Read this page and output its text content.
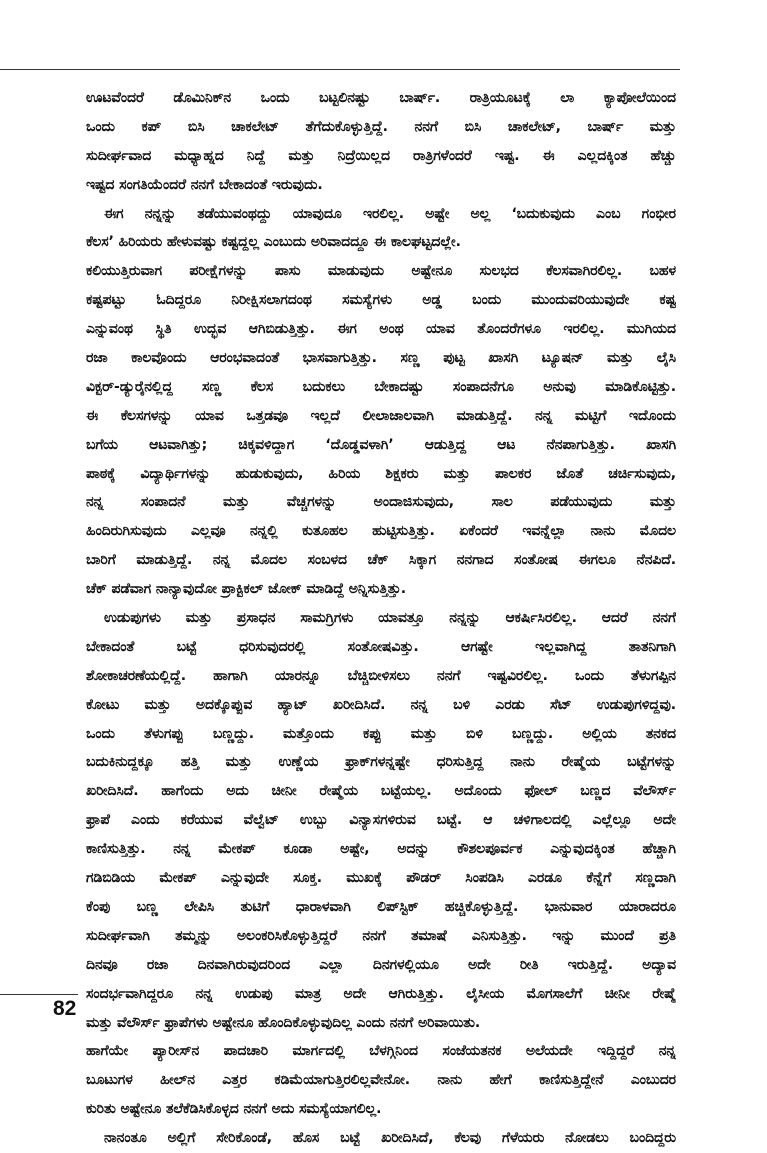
ಊಟವೆಂದರೆ ಡೊಮಿನಿಕ್‌ನ ಒಂದು ಬಟ್ಟಲಿನಷ್ಟು ಬಾರ್ಷ್. ರಾತ್ರಿಯೂಟಕ್ಕೆ ಲಾ ಕ್ಯಾಪೋಲೆಯಿಂದ
ಒಂದು ಕಪ್ ಬಿಸಿ ಚಾಕಲೇಟ್ ತೆಗೆದುಕೊಳ್ಳುತ್ತಿದ್ದೆ. ನನಗೆ ಬಿಸಿ ಚಾಕಲೇಟ್, ಬಾರ್ಷ್ ಮತ್ತು
ಸುದೀರ್ಘವಾದ ಮಧ್ಯಾಹ್ನದ ನಿದ್ದೆ ಮತ್ತು ನಿದ್ರೆಯಿಲ್ಲದ ರಾತ್ರಿಗಳೆಂದರೆ ಇಷ್ಟ. ಈ ಎಲ್ಲದಕ್ಕಿಂತ ಹೆಚ್ಚು
ಇಷ್ಟದ ಸಂಗತಿಯೆಂದರೆ ನನಗೆ ಬೇಕಾದಂತೆ ಇರುವುದು.
ಈಗ ನನ್ನನ್ನು ತಡೆಯುವಂಥದ್ದು ಯಾವುದೂ ಇರಲಿಲ್ಲ. ಅಷ್ಟೇ ಅಲ್ಲ ‘ಬದುಕುವುದು ಎಂಬ ಗಂಭೀರ
ಕೆಲಸ’ ಹಿರಿಯರು ಹೇಳುವಷ್ಟು ಕಷ್ಟದ್ದಲ್ಲ ಎಂಬುದು ಅರಿವಾದದ್ದೂ ಈ ಕಾಲಘಟ್ಟದಲ್ಲೇ.
ಕಲಿಯುತ್ತಿರುವಾಗ ಪರೀಕ್ಷೆಗಳನ್ನು ಪಾಸು ಮಾಡುವುದು ಅಷ್ಟೇನೂ ಸುಲಭದ ಕೆಲಸವಾಗಿರಲಿಲ್ಲ. ಬಹಳ
ಕಷ್ಟಪಟ್ಟು ಓದಿದ್ದರೂ ನಿರೀಕ್ಷಿಸಲಾಗದಂಥ ಸಮಸ್ಯೆಗಳು ಅಡ್ಡ ಬಂದು ಮುಂದುವರಿಯುವುದೇ ಕಷ್ಟ
ಎನ್ನುವಂಥ ಸ್ಥಿತಿ ಉದ್ಭವ ಆಗಿಬಿಡುತ್ತಿತ್ತು. ಈಗ ಅಂಥ ಯಾವ ತೊಂದರೆಗಳೂ ಇರಲಿಲ್ಲ. ಮುಗಿಯದ
ರಜಾ ಕಾಲವೊಂದು ಆರಂಭವಾದಂತೆ ಭಾಸವಾಗುತ್ತಿತ್ತು. ಸಣ್ಣ ಪುಟ್ಟ ಖಾಸಗಿ ಟ್ಯೂಷನ್ ಮತ್ತು ಲೈಸಿ
ವಿಕ್ಟರ್-ಡ್ಯುರೈನಲ್ಲಿದ್ದ ಸಣ್ಣ ಕೆಲಸ ಬದುಕಲು ಬೇಕಾದಷ್ಟು ಸಂಪಾದನೆಗೂ ಅನುವು ಮಾಡಿಕೊಟ್ಟಿತ್ತು.
ಈ ಕೆಲಸಗಳನ್ನು ಯಾವ ಒತ್ತಡವೂ ಇಲ್ಲದೆ ಲೀಲಾಜಾಲವಾಗಿ ಮಾಡುತ್ತಿದ್ದೆ. ನನ್ನ ಮಟ್ಟಿಗೆ ಇದೊಂದು
ಬಗೆಯ ಆಟವಾಗಿತ್ತು; ಚಿಕ್ಕವಳಿದ್ದಾಗ ‘ದೊಡ್ಡವಳಾಗಿ’ ಆಡುತ್ತಿದ್ದ ಆಟ ನೆನಪಾಗುತ್ತಿತ್ತು. ಖಾಸಗಿ
ಪಾಠಕ್ಕೆ ವಿದ್ಯಾರ್ಥಿಗಳನ್ನು ಹುಡುಕುವುದು, ಹಿರಿಯ ಶಿಕ್ಷಕರು ಮತ್ತು ಪಾಲಕರ ಜೊತೆ ಚರ್ಚಿಸುವುದು,
ನನ್ನ ಸಂಪಾದನೆ ಮತ್ತು ವೆಚ್ಚಗಳನ್ನು ಅಂದಾಜಿಸುವುದು, ಸಾಲ ಪಡೆಯುವುದು ಮತ್ತು
ಹಿಂದಿರುಗಿಸುವುದು ಎಲ್ಲವೂ ನನ್ನಲ್ಲಿ ಕುತೂಹಲ ಹುಟ್ಟಿಸುತ್ತಿತ್ತು. ಏಕೆಂದರೆ ಇವನ್ನೆಲ್ಲಾ ನಾನು ಮೊದಲ
ಬಾರಿಗೆ ಮಾಡುತ್ತಿದ್ದೆ. ನನ್ನ ಮೊದಲ ಸಂಬಳದ ಚೆಕ್ ಸಿಕ್ಕಾಗ ನನಗಾದ ಸಂತೋಷ ಈಗಲೂ ನೆನಪಿದೆ.
ಚೆಕ್ ಪಡೆವಾಗ ನಾನ್ಯಾವುದೋ ಪ್ರಾಕ್ಟಿಕಲ್ ಜೋಕ್ ಮಾಡಿದ್ದೆ ಅನ್ನಿಸುತ್ತಿತ್ತು.
ಉಡುಪುಗಳು ಮತ್ತು ಪ್ರಸಾಧನ ಸಾಮಗ್ರಿಗಳು ಯಾವತ್ತೂ ನನ್ನನ್ನು ಆಕರ್ಷಿಸಿರಲಿಲ್ಲ. ಆದರೆ ನನಗೆ
ಬೇಕಾದಂತೆ ಬಟ್ಟೆ ಧರಿಸುವುದರಲ್ಲಿ ಸಂತೋಷವಿತ್ತು. ಆಗಷ್ಟೇ ಇಲ್ಲವಾಗಿದ್ದ ತಾತನಿಗಾಗಿ
ಶೋಕಾಚರಣೆಯಲ್ಲಿದ್ದೆ. ಹಾಗಾಗಿ ಯಾರನ್ನೂ ಬೆಚ್ಚಿಬೀಳಿಸಲು ನನಗೆ ಇಷ್ಟವಿರಲಿಲ್ಲ. ಒಂದು ತೆಳುಗಪ್ಪಿನ
ಕೋಟು ಮತ್ತು ಅದಕ್ಕೊಪ್ಪುವ ಹ್ಯಾಟ್ ಖರೀದಿಸಿದೆ. ನನ್ನ ಬಳಿ ಎರಡು ಸೆಟ್ ಉಡುಪುಗಳಿದ್ದವು.
ಒಂದು ತೆಳುಗಪ್ಪು ಬಣ್ಣದ್ದು. ಮತ್ತೊಂದು ಕಪ್ಪು ಮತ್ತು ಬಿಳಿ ಬಣ್ಣದ್ದು. ಅಲ್ಲಿಯ ತನಕದ
ಬದುಕಿನುದ್ದಕ್ಕೂ ಹತ್ತಿ ಮತ್ತು ಉಣ್ಣೆಯ ಫ್ರಾಕ್‌ಗಳನ್ನಷ್ಟೇ ಧರಿಸುತ್ತಿದ್ದ ನಾನು ರೇಷ್ಮೆಯ ಬಟ್ಟೆಗಳನ್ನು
ಖರೀದಿಸಿದೆ. ಹಾಗೆಂದು ಅದು ಚೀನೀ ರೇಷ್ಮೆಯ ಬಟ್ಟೆಯಲ್ಲ. ಅದೊಂದು ಫೋಲ್ ಬಣ್ಣದ ವೆಲೌರ್ಸ್
ಫ್ರಾಪೆ ಎಂದು ಕರೆಯುವ ವೆಲ್ವೆಟ್ ಉಬ್ಬು ವಿನ್ಯಾಸಗಳಿರುವ ಬಟ್ಟೆ. ಆ ಚಳಿಗಾಲದಲ್ಲಿ ಎಲ್ಲೆಲ್ಲೂ ಅದೇ
ಕಾಣಿಸುತ್ತಿತ್ತು. ನನ್ನ ಮೇಕಪ್ ಕೂಡಾ ಅಷ್ಟೇ, ಅದನ್ನು ಕೌಶಲಪೂರ್ವಕ ಎನ್ನುವುದಕ್ಕಿಂತ ಹೆಚ್ಚಾಗಿ
ಗಡಿಬಿಡಿಯ ಮೇಕಪ್ ಎನ್ನುವುದೇ ಸೂಕ್ತ. ಮುಖಕ್ಕೆ ಪೌಡರ್ ಸಿಂಪಡಿಸಿ ಎರಡೂ ಕೆನ್ನೆಗೆ ಸಣ್ಣದಾಗಿ
ಕೆಂಪು ಬಣ್ಣ ಲೇಪಿಸಿ ತುಟಿಗೆ ಧಾರಾಳವಾಗಿ ಲಿಪ್‌ಸ್ಟಿಕ್ ಹಚ್ಚಿಕೊಳ್ಳುತ್ತಿದ್ದೆ. ಭಾನುವಾರ ಯಾರಾದರೂ
ಸುದೀರ್ಘವಾಗಿ ತಮ್ಮನ್ನು ಅಲಂಕರಿಸಿಕೊಳ್ಳುತ್ತಿದ್ದರೆ ನನಗೆ ತಮಾಷೆ ಎನಿಸುತ್ತಿತ್ತು. ಇನ್ನು ಮುಂದೆ ಪ್ರತಿ
ದಿನವೂ ರಜಾ ದಿನವಾಗಿರುವುದರಿಂದ ಎಲ್ಲಾ ದಿನಗಳಲ್ಲಿಯೂ ಅದೇ ರೀತಿ ಇರುತ್ತಿದ್ದೆ. ಅದ್ಯಾವ
ಸಂದರ್ಭವಾಗಿದ್ದರೂ ನನ್ನ ಉಡುಪು ಮಾತ್ರ ಅದೇ ಆಗಿರುತ್ತಿತ್ತು. ಲೈಸೀಯ ಮೊಗಸಾಲೆಗೆ ಚೀನೀ ರೇಷ್ಮೆ
ಮತ್ತು ವೆಲೌರ್ಸ್ ಫ್ರಾಪೆಗಳು ಅಷ್ಟೇನೂ ಹೊಂದಿಕೊಳ್ಳುವುದಿಲ್ಲ ಎಂದು ನನಗೆ ಅರಿವಾಯಿತು.
ಹಾಗೆಯೇ ಪ್ಯಾರೀಸ್‌ನ ಪಾದಚಾರಿ ಮಾರ್ಗದಲ್ಲಿ ಬೆಳಗ್ಗಿನಿಂದ ಸಂಜೆಯತನಕ ಅಲೆಯದೇ ಇದ್ದಿದ್ದರೆ ನನ್ನ
ಬೂಟುಗಳ ಹೀಲ್‌ನ ಎತ್ತರ ಕಡಿಮೆಯಾಗುತ್ತಿರಲಿಲ್ಲವೇನೋ. ನಾನು ಹೇಗೆ ಕಾಣಿಸುತ್ತಿದ್ದೇನೆ ಎಂಬುದರ
ಕುರಿತು ಅಷ್ಟೇನೂ ತಲೆಕೆಡಿಸಿಕೊಳ್ಳದ ನನಗೆ ಅದು ಸಮಸ್ಯೆಯಾಗಲಿಲ್ಲ.
ನಾನಂತೂ ಅಲ್ಲಿಗೆ ಸೇರಿಕೊಂಡೆ, ಹೊಸ ಬಟ್ಟೆ ಖರೀದಿಸಿದೆ, ಕೆಲವು ಗೆಳೆಯರು ನೋಡಲು ಬಂದಿದ್ದರು
82
